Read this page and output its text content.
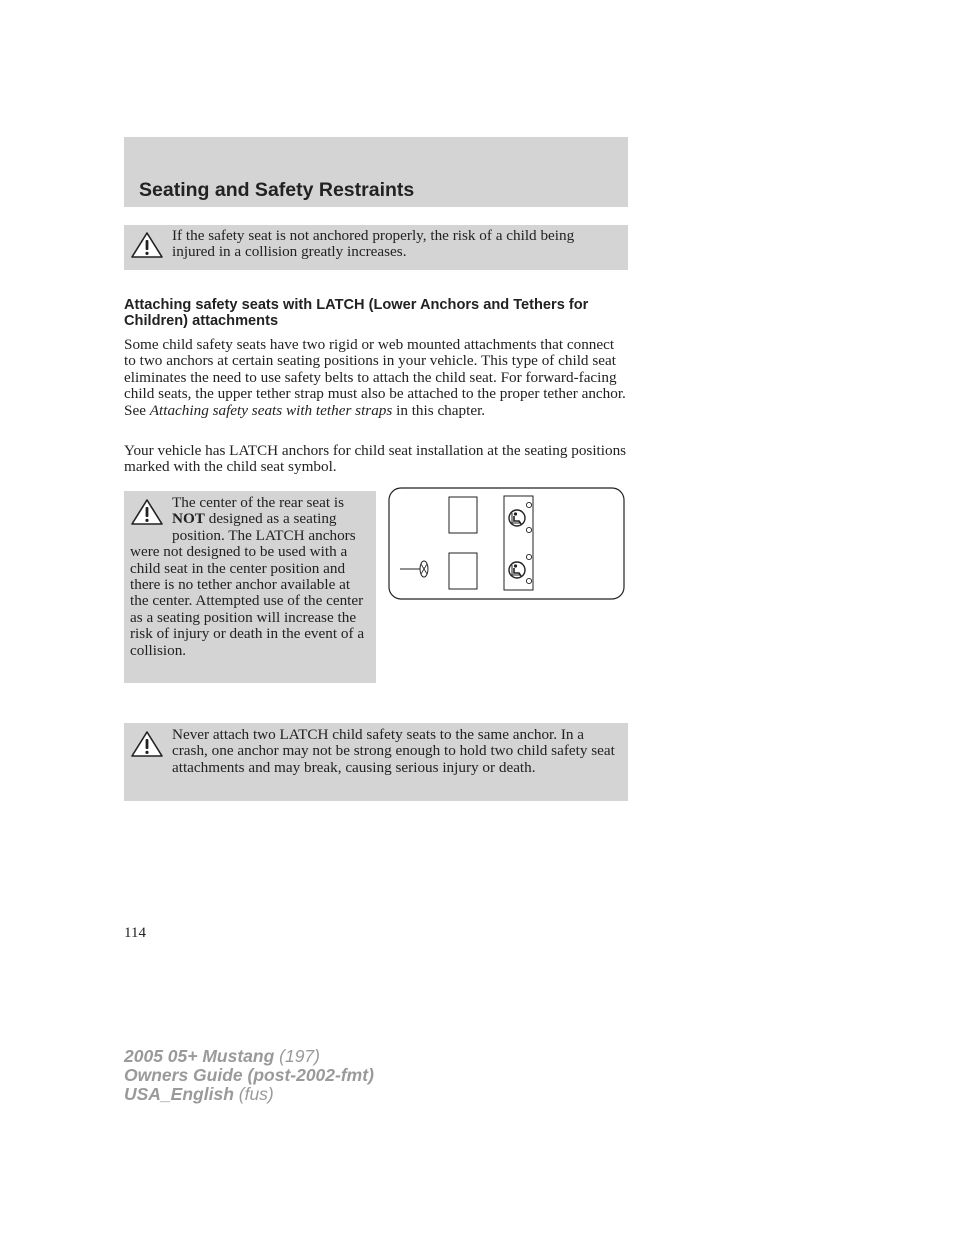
Seating and Safety Restraints

If the safety seat is not anchored properly, the risk of a child being injured in a collision greatly increases.

Attaching safety seats with LATCH (Lower Anchors and Tethers for Children) attachments

Some child safety seats have two rigid or web mounted attachments that connect to two anchors at certain seating positions in your vehicle. This type of child seat eliminates the need to use safety belts to attach the child seat. For forward-facing child seats, the upper tether strap must also be attached to the proper tether anchor. See Attaching safety seats with tether straps in this chapter.

Your vehicle has LATCH anchors for child seat installation at the seating positions marked with the child seat symbol.

The center of the rear seat is NOT designed as a seating position. The LATCH anchors were not designed to be used with a child seat in the center position and there is no tether anchor available at the center. Attempted use of the center as a seating position will increase the risk of injury or death in the event of a collision.

Never attach two LATCH child safety seats to the same anchor. In a crash, one anchor may not be strong enough to hold two child safety seat attachments and may break, causing serious injury or death.

114
2005 05+ Mustang (197)
Owners Guide (post-2002-fmt)
USA_English (fus)
